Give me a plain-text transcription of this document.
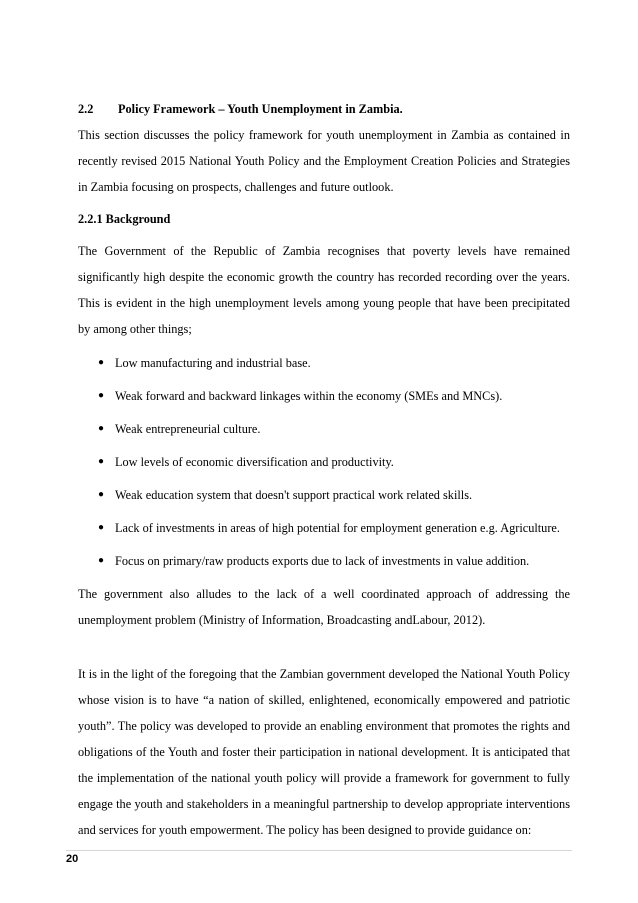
2.2 Policy Framework – Youth Unemployment in Zambia.

This section discusses the policy framework for youth unemployment in Zambia as contained in recently revised 2015 National Youth Policy and the Employment Creation Policies and Strategies in Zambia focusing on prospects, challenges and future outlook.

2.2.1 Background

The Government of the Republic of Zambia recognises that poverty levels have remained significantly high despite the economic growth the country has recorded recording over the years. This is evident in the high unemployment levels among young people that have been precipitated by among other things;

● Low manufacturing and industrial base.
● Weak forward and backward linkages within the economy (SMEs and MNCs).
● Weak entrepreneurial culture.
● Low levels of economic diversification and productivity.
● Weak education system that doesn't support practical work related skills.
● Lack of investments in areas of high potential for employment generation e.g. Agriculture.
● Focus on primary/raw products exports due to lack of investments in value addition.

The government also alludes to the lack of a well coordinated approach of addressing the unemployment problem (Ministry of Information, Broadcasting andLabour, 2012).

It is in the light of the foregoing that the Zambian government developed the National Youth Policy whose vision is to have “a nation of skilled, enlightened, economically empowered and patriotic youth”. The policy was developed to provide an enabling environment that promotes the rights and obligations of the Youth and foster their participation in national development. It is anticipated that the implementation of the national youth policy will provide a framework for government to fully engage the youth and stakeholders in a meaningful partnership to develop appropriate interventions and services for youth empowerment. The policy has been designed to provide guidance on:

20
